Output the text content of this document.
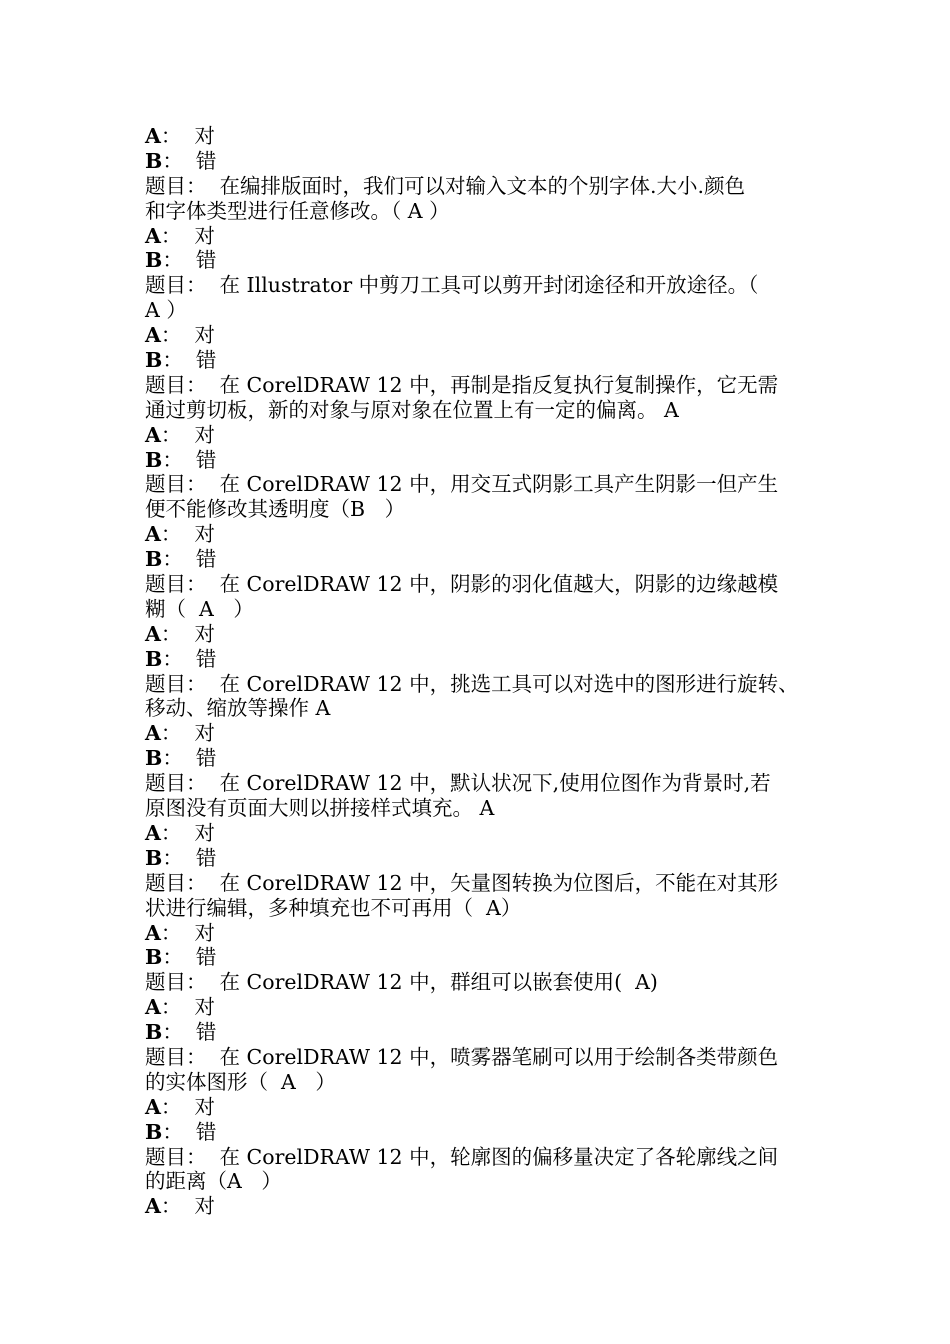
A：  对
B：  错
题目：  在编排版面时，我们可以对输入文本的个别字体.大小.颜色
和字体类型进行任意修改。（ A ）
A：  对
B：  错
题目：  在 Illustrator 中剪刀工具可以剪开封闭途径和开放途径。（
A ）
A：  对
B：  错
题目：  在 CorelDRAW 12 中，再制是指反复执行复制操作，它无需
通过剪切板，新的对象与原对象在位置上有一定的偏离。 A
A：  对
B：  错
题目：  在 CorelDRAW 12 中，用交互式阴影工具产生阴影一但产生
便不能修改其透明度（B   ）
A：  对
B：  错
题目：  在 CorelDRAW 12 中，阴影的羽化值越大，阴影的边缘越模
糊（  A   ）
A：  对
B：  错
题目：  在 CorelDRAW 12 中，挑选工具可以对选中的图形进行旋转、
移动、缩放等操作 A
A：  对
B：  错
题目：  在 CorelDRAW 12 中，默认状况下,使用位图作为背景时,若
原图没有页面大则以拼接样式填充。 A
A：  对
B：  错
题目：  在 CorelDRAW 12 中，矢量图转换为位图后，不能在对其形
状进行编辑，多种填充也不可再用（  A）
A：  对
B：  错
题目：  在 CorelDRAW 12 中，群组可以嵌套使用(  A)
A：  对
B：  错
题目：  在 CorelDRAW 12 中，喷雾器笔刷可以用于绘制各类带颜色
的实体图形（  A   ）
A：  对
B：  错
题目：  在 CorelDRAW 12 中，轮廓图的偏移量决定了各轮廓线之间
的距离（A   ）
A：  对
